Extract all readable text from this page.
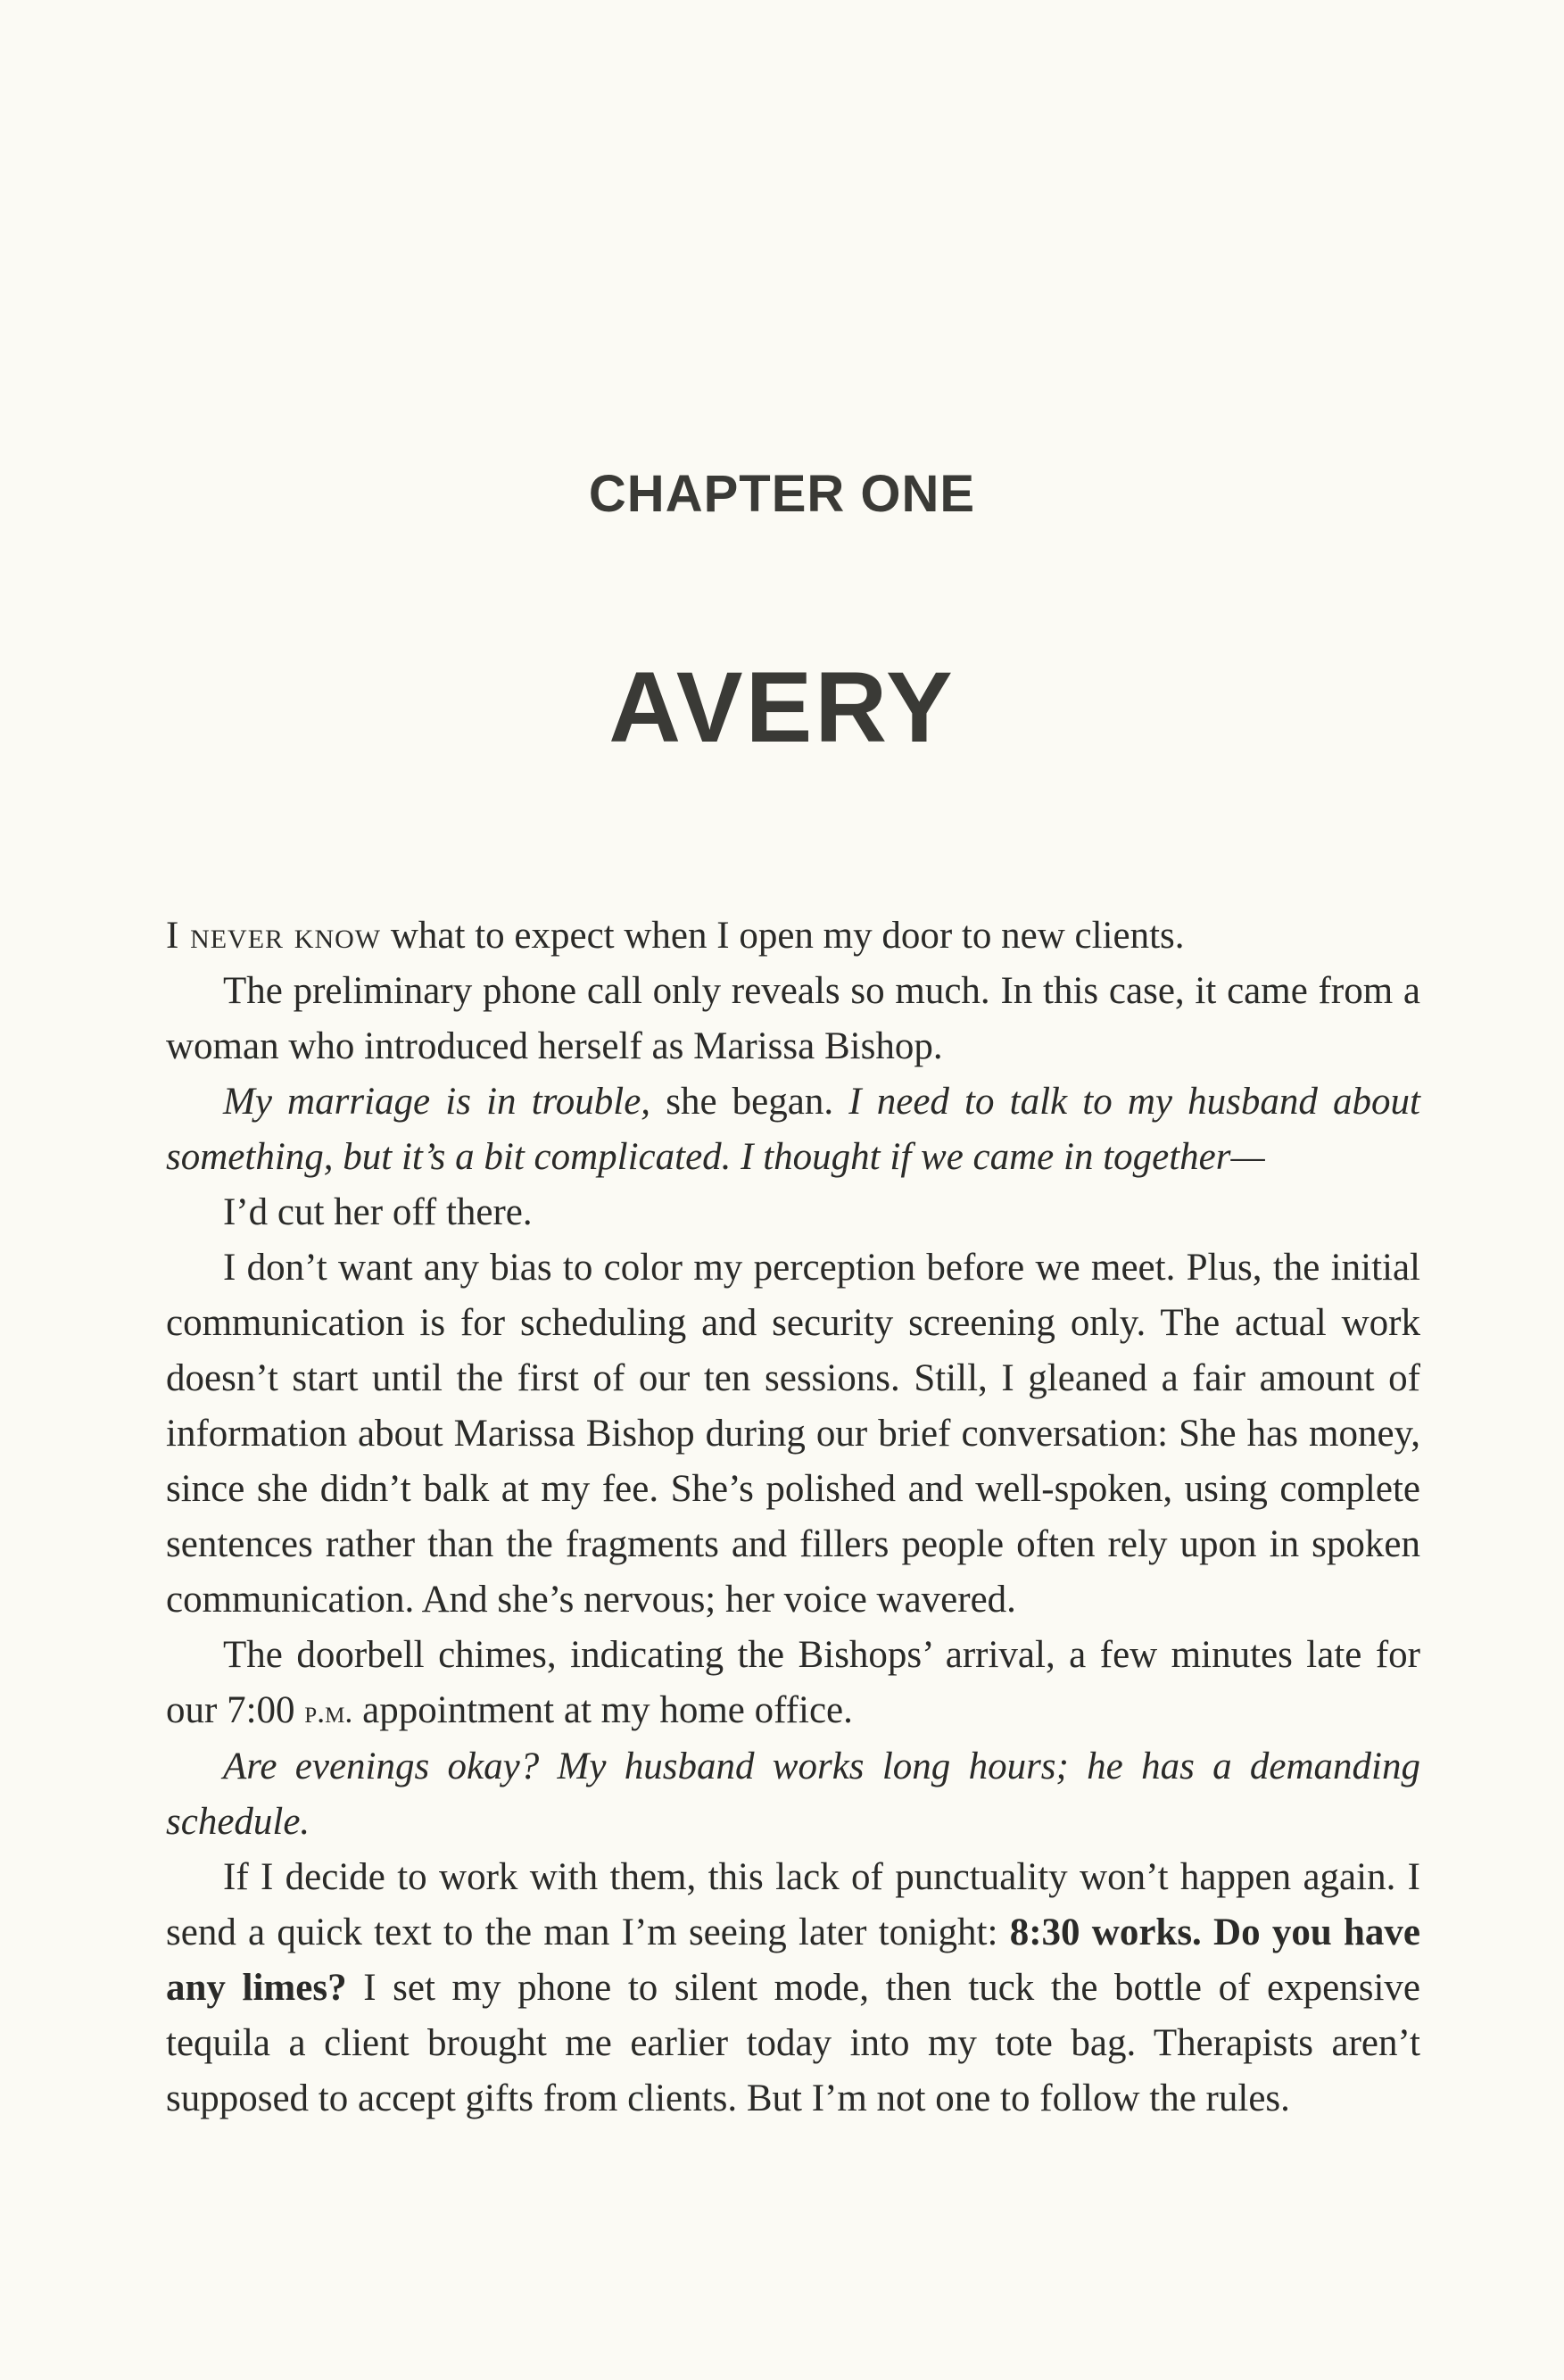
CHAPTER ONE
AVERY

I never know what to expect when I open my door to new clients.

The preliminary phone call only reveals so much. In this case, it came from a woman who introduced herself as Marissa Bishop.

My marriage is in trouble, she began. I need to talk to my husband about something, but it’s a bit complicated. I thought if we came in together—

I’d cut her off there.

I don’t want any bias to color my perception before we meet. Plus, the initial communication is for scheduling and security screening only. The actual work doesn’t start until the first of our ten sessions. Still, I gleaned a fair amount of information about Marissa Bishop during our brief conversation: She has money, since she didn’t balk at my fee. She’s polished and well-spoken, using complete sentences rather than the fragments and fillers people often rely upon in spoken communication. And she’s nervous; her voice wavered.

The doorbell chimes, indicating the Bishops’ arrival, a few minutes late for our 7:00 p.m. appointment at my home office.

Are evenings okay? My husband works long hours; he has a demanding schedule.

If I decide to work with them, this lack of punctuality won’t happen again. I send a quick text to the man I’m seeing later tonight: 8:30 works. Do you have any limes? I set my phone to silent mode, then tuck the bottle of expensive tequila a client brought me earlier today into my tote bag. Therapists aren’t supposed to accept gifts from clients. But I’m not one to follow the rules.
